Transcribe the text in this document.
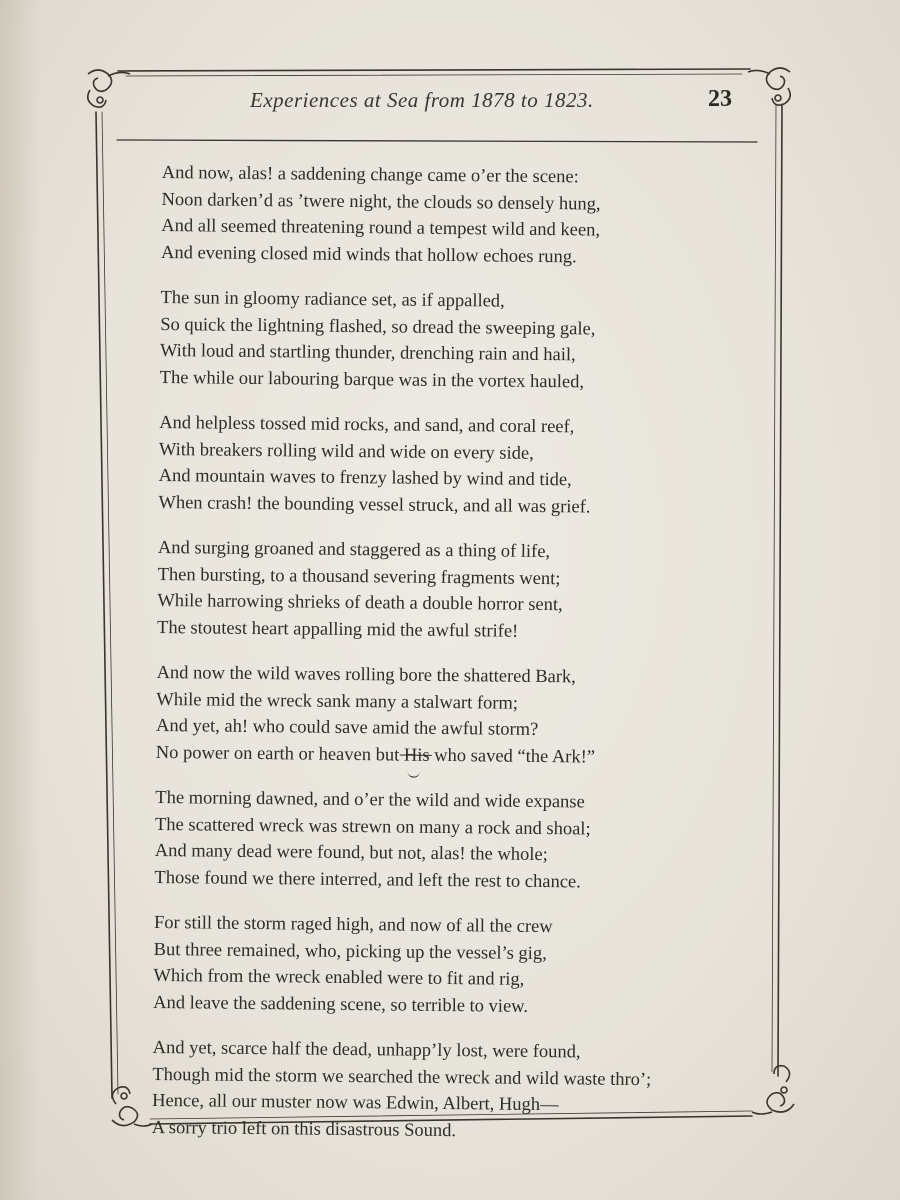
Experiences at Sea from 1878 to 1823.	23
And now, alas! a saddening change came o’er the scene:
Noon darken’d as ’twere night, the clouds so densely hung,
And all seemed threatening round a tempest wild and keen,
And evening closed mid winds that hollow echoes rung.
The sun in gloomy radiance set, as if appalled,
So quick the lightning flashed, so dread the sweeping gale,
With loud and startling thunder, drenching rain and hail,
The while our labouring barque was in the vortex hauled,
And helpless tossed mid rocks, and sand, and coral reef,
With breakers rolling wild and wide on every side,
And mountain waves to frenzy lashed by wind and tide,
When crash! the bounding vessel struck, and all was grief.
And surging groaned and staggered as a thing of life,
Then bursting, to a thousand severing fragments went;
While harrowing shrieks of death a double horror sent,
The stoutest heart appalling mid the awful strife!
And now the wild waves rolling bore the shattered Bark,
While mid the wreck sank many a stalwart form;
And yet, ah! who could save amid the awful storm?
No power on earth or heaven but His who saved “the Ark!”
The morning dawned, and o’er the wild and wide expanse
The scattered wreck was strewn on many a rock and shoal;
And many dead were found, but not, alas! the whole;
Those found we there interred, and left the rest to chance.
For still the storm raged high, and now of all the crew
But three remained, who, picking up the vessel’s gig,
Which from the wreck enabled were to fit and rig,
And leave the saddening scene, so terrible to view.
And yet, scarce half the dead, unhapp’ly lost, were found,
Though mid the storm we searched the wreck and wild waste thro’;
Hence, all our muster now was Edwin, Albert, Hugh—
A sorry trio left on this disastrous Sound.
